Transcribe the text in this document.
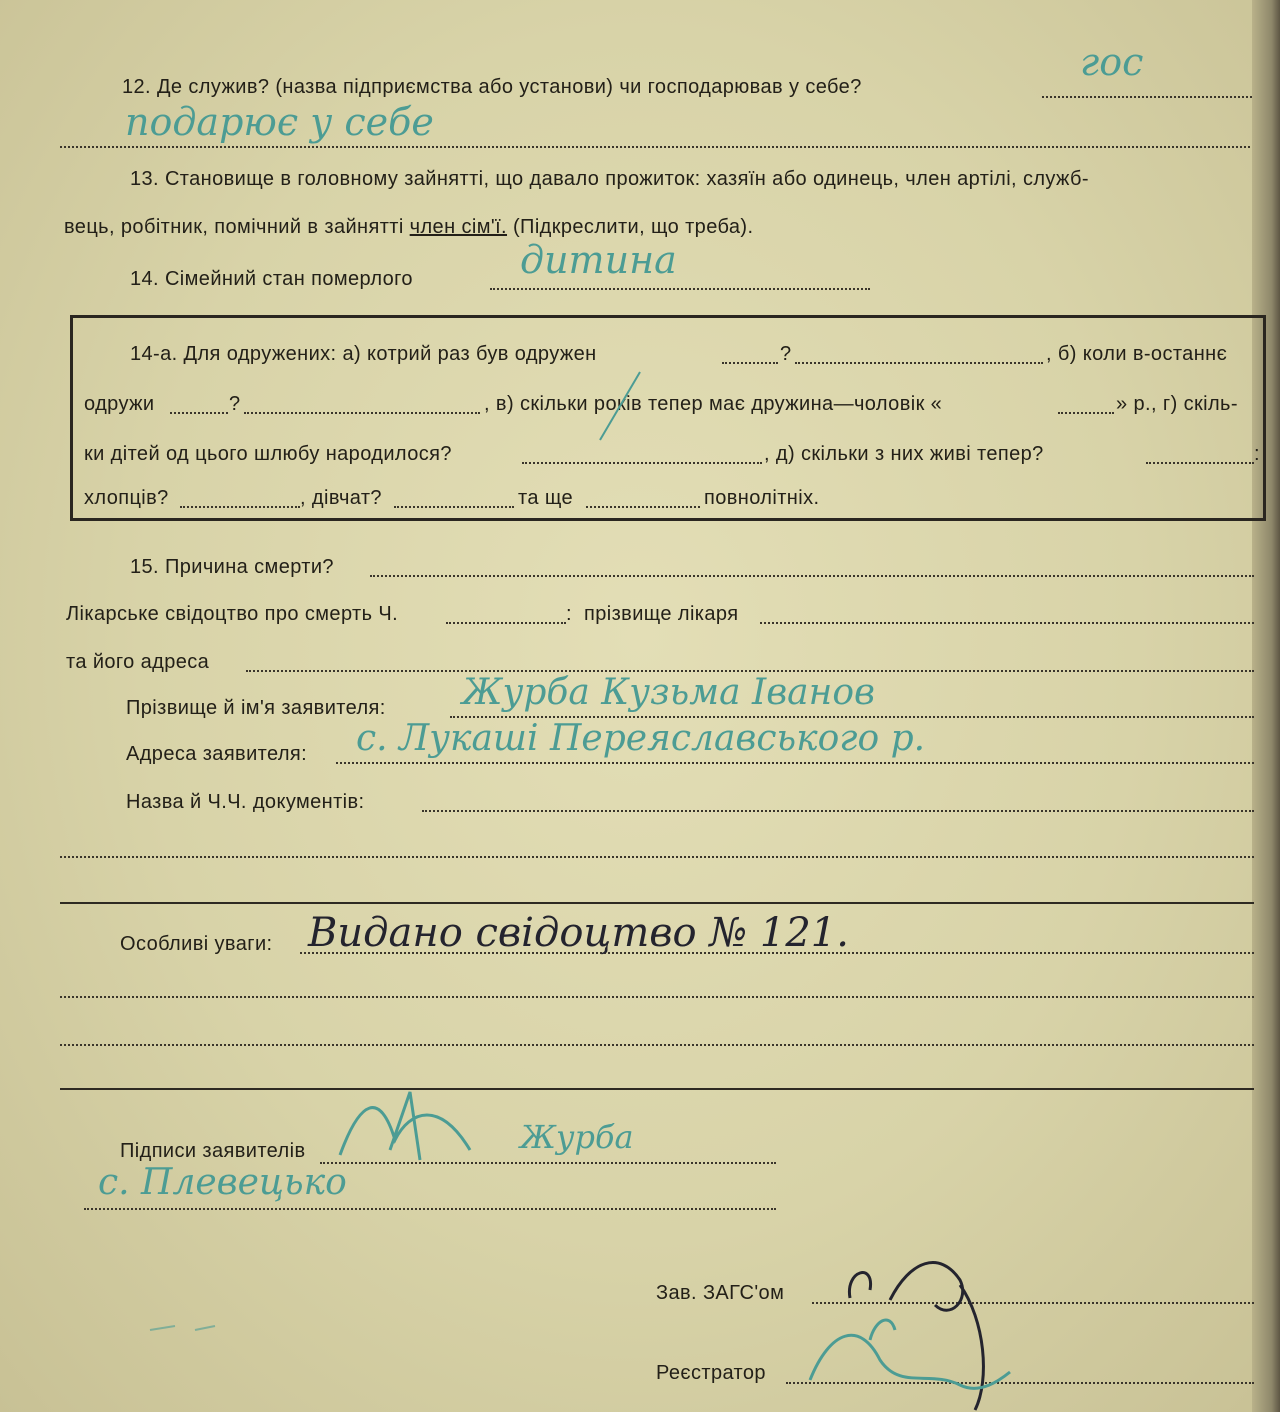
12. Де служив? (назва підприємства або установи) чи господарював у себе?
гос
подарює у себе
13. Становище в головному зайнятті, що давало прожиток: хазяїн або одинець, член артілі, служб-
вець, робітник, помічний в зайнятті член сім'ї. (Підкреслити, що треба).
14. Сімейний стан померлого	дитина
14-а. Для одружених: а) котрий раз був одружен	?	, б) коли в-останнє
одружи	?	, в) скільки років тепер має дружина—чоловік «	» р., г) скіль-
ки дітей од цього шлюбу народилося?	, д) скільки з них живі тепер?	:
хлопців?	, дівчат?	та ще	повнолітніх.
15. Причина смерти?
Лікарське свідоцтво про смерть Ч.	: прізвище лікаря
та його адреса
Прізвище й ім'я заявителя: Журба Кузьма Іванов
Адреса заявителя: с. Лукаші Переяславського р.
Назва й Ч.Ч. документів:
Особливі уваги: Видано свідоцтво № 121.
Підписи заявителів	Журба
с. Плевецько
Зав. ЗАГС'ом
Реєстратор
